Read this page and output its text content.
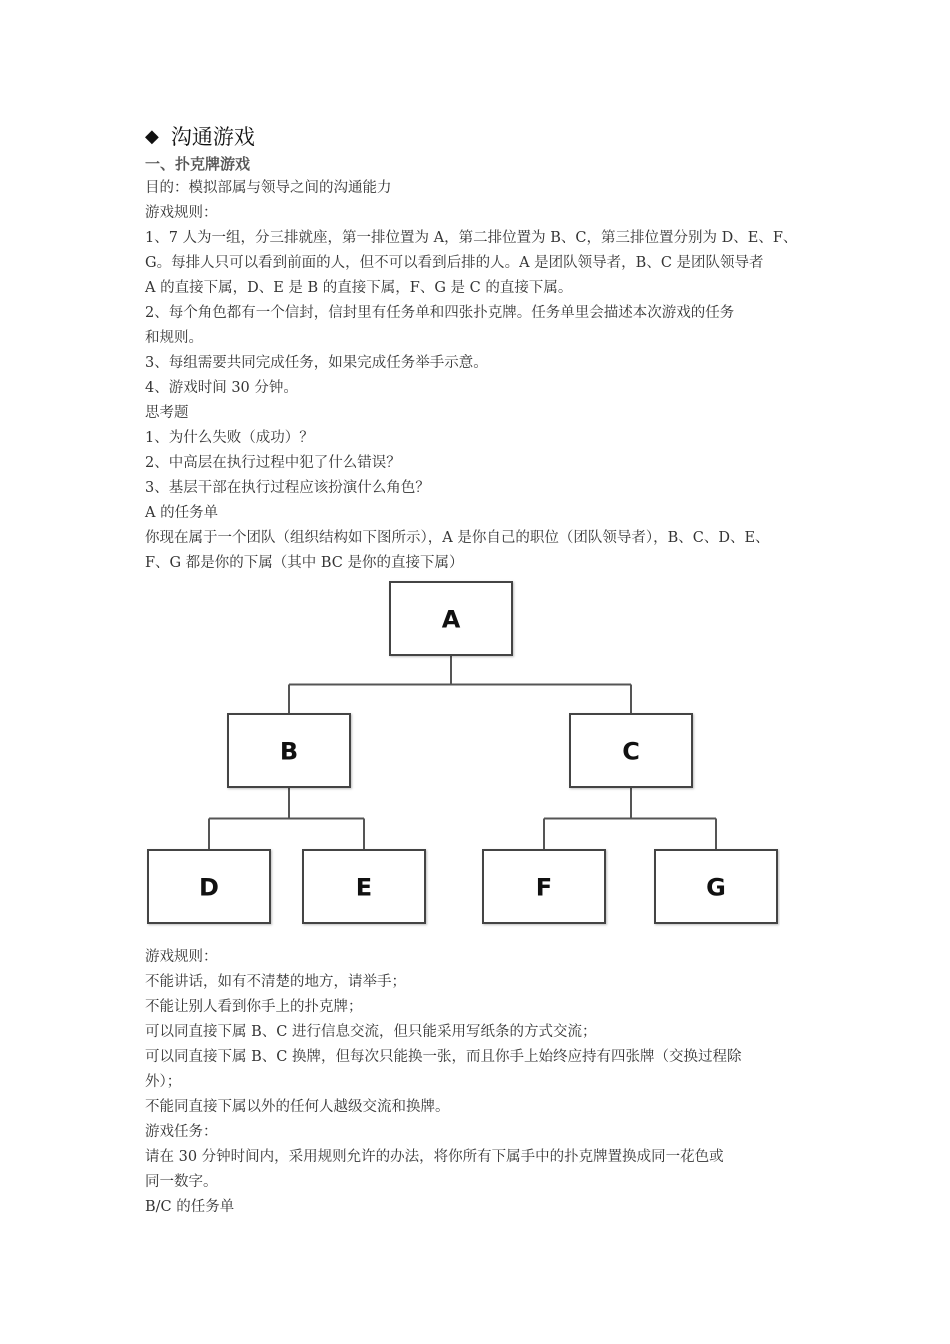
◆ 沟通游戏
一、扑克牌游戏

目的：模拟部属与领导之间的沟通能力

游戏规则：

1、7 人为一组，分三排就座，第一排位置为 A，第二排位置为 B、C，第三排位置分别为 D、E、F、

G。每排人只可以看到前面的人，但不可以看到后排的人。A 是团队领导者，B、C 是团队领导者

A 的直接下属，D、E 是 B 的直接下属，F、G 是 C 的直接下属。

2、每个角色都有一个信封，信封里有任务单和四张扑克牌。任务单里会描述本次游戏的任务

和规则。

3、每组需要共同完成任务，如果完成任务举手示意。

4、游戏时间 30 分钟。

思考题

1、为什么失败（成功）？

2、中高层在执行过程中犯了什么错误？

3、基层干部在执行过程应该扮演什么角色？

A 的任务单

你现在属于一个团队（组织结构如下图所示），A 是你自己的职位（团队领导者），B、C、D、E、

F、G 都是你的下属（其中 BC 是你的直接下属）

A
B	C
D	E	F	G

游戏规则：

不能讲话，如有不清楚的地方，请举手；

不能让别人看到你手上的扑克牌；

可以同直接下属 B、C 进行信息交流，但只能采用写纸条的方式交流；

可以同直接下属 B、C 换牌，但每次只能换一张，而且你手上始终应持有四张牌（交换过程除

外）；

不能同直接下属以外的任何人越级交流和换牌。

游戏任务：

请在 30 分钟时间内，采用规则允许的办法，将你所有下属手中的扑克牌置换成同一花色或

同一数字。

B/C 的任务单
